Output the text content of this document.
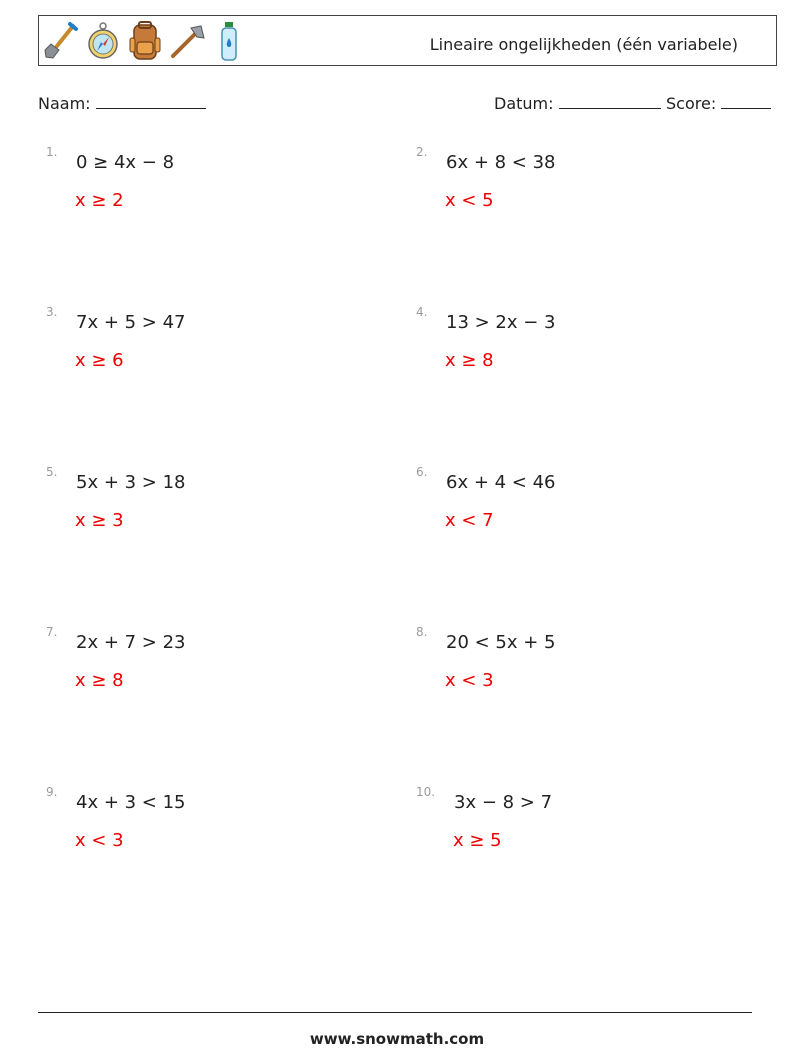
Lineaire ongelijkheden (één variabele)
Naam:	Datum:	Score:
1. 0 ≥ 4x − 8
x ≥ 2
2. 6x + 8 < 38
x < 5
3. 7x + 5 > 47
x ≥ 6
4. 13 > 2x − 3
x ≥ 8
5. 5x + 3 > 18
x ≥ 3
6. 6x + 4 < 46
x < 7
7. 2x + 7 > 23
x ≥ 8
8. 20 < 5x + 5
x < 3
9. 4x + 3 < 15
x < 3
10. 3x − 8 > 7
x ≥ 5
www.snowmath.com
